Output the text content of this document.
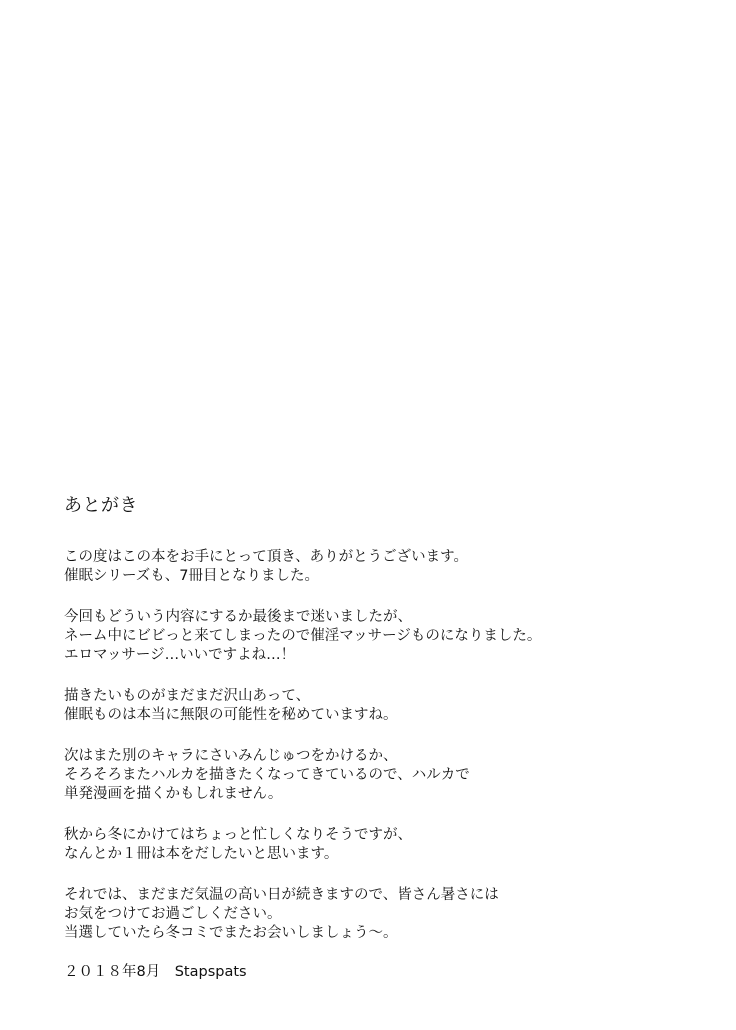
あとがき
この度はこの本をお手にとって頂き、ありがとうございます。
催眠シリーズも、7冊目となりました。
今回もどういう内容にするか最後まで迷いましたが、
ネーム中にビビっと来てしまったので催淫マッサージものになりました。
エロマッサージ…いいですよね…！
描きたいものがまだまだ沢山あって、
催眠ものは本当に無限の可能性を秘めていますね。
次はまた別のキャラにさいみんじゅつをかけるか、
そろそろまたハルカを描きたくなってきているので、ハルカで
単発漫画を描くかもしれません。
秋から冬にかけてはちょっと忙しくなりそうですが、
なんとか１冊は本をだしたいと思います。
それでは、まだまだ気温の高い日が続きますので、皆さん暑さには
お気をつけてお過ごしください。
当選していたら冬コミでまたお会いしましょう～。
２０１８年8月　Stapspats
